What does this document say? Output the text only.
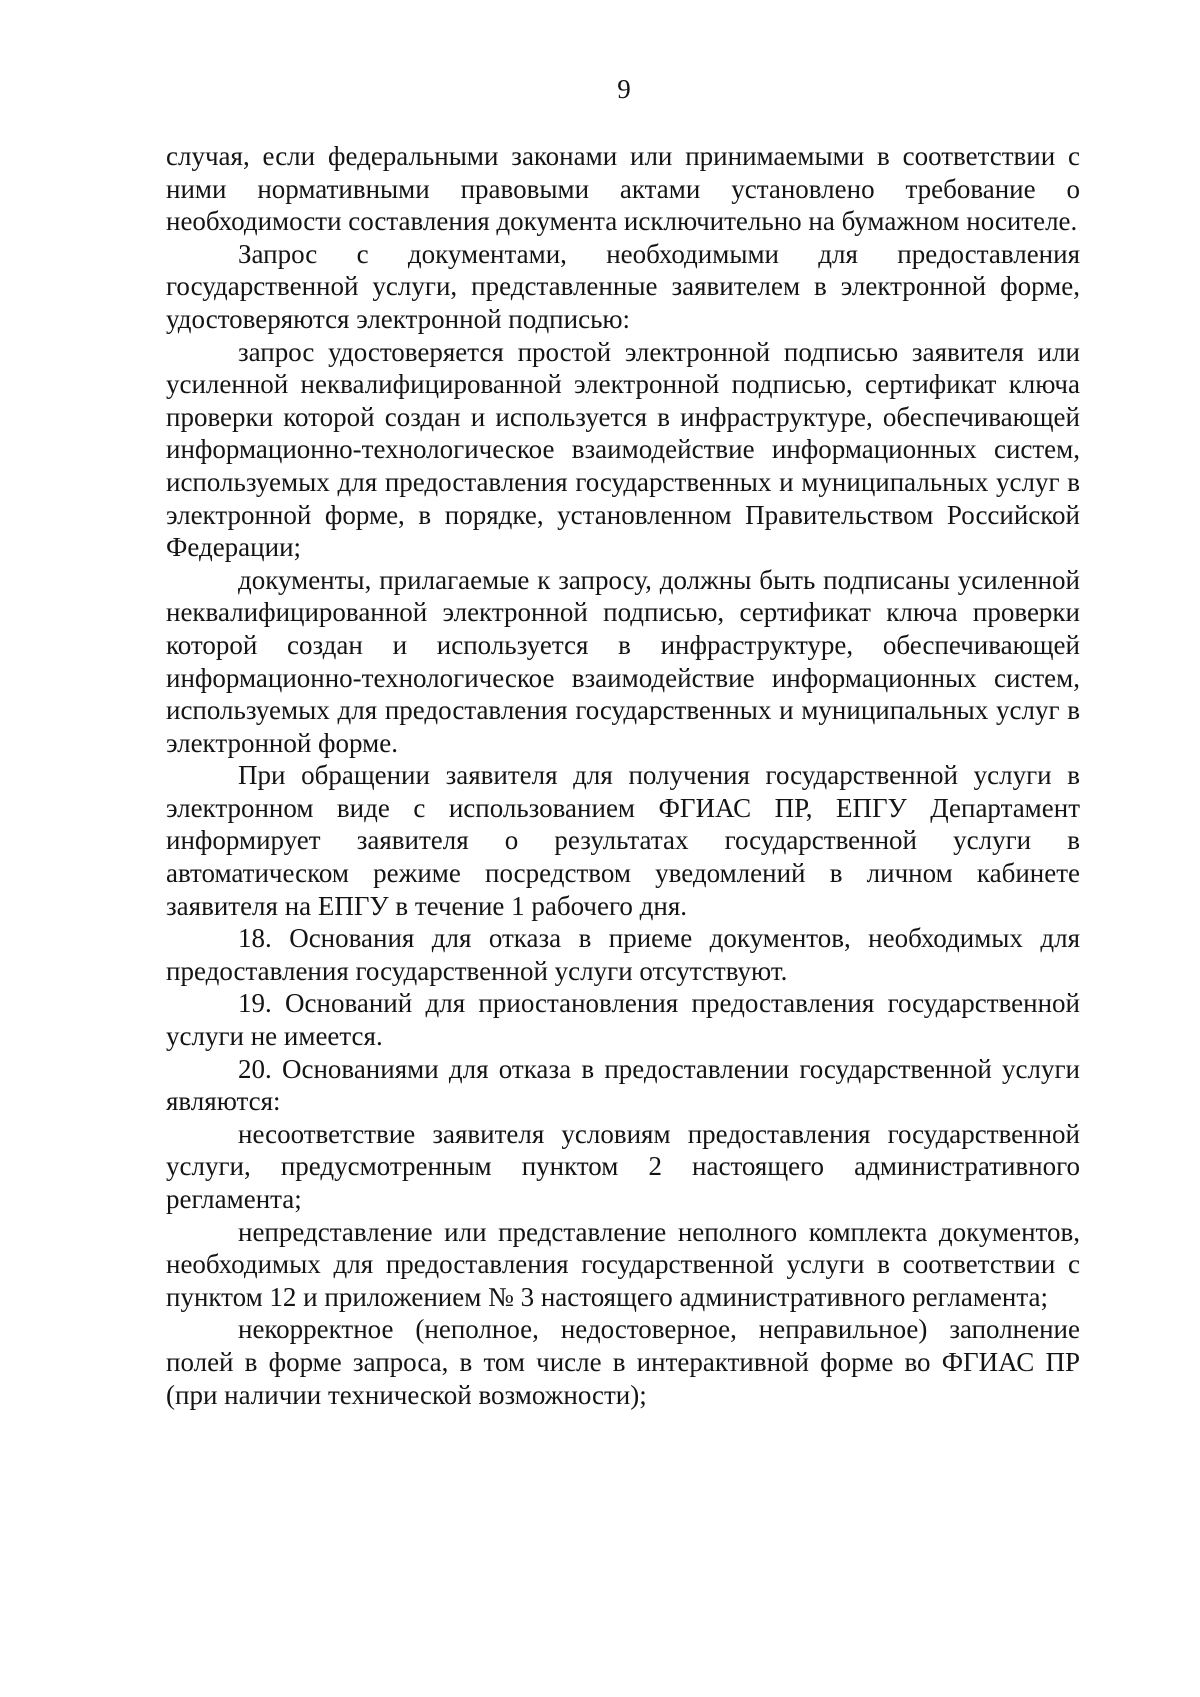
9

случая, если федеральными законами или принимаемыми в соответствии с ними нормативными правовыми актами установлено требование о необходимости составления документа исключительно на бумажном носителе.

Запрос с документами, необходимыми для предоставления государственной услуги, представленные заявителем в электронной форме, удостоверяются электронной подписью:

запрос удостоверяется простой электронной подписью заявителя или усиленной неквалифицированной электронной подписью, сертификат ключа проверки которой создан и используется в инфраструктуре, обеспечивающей информационно-технологическое взаимодействие информационных систем, используемых для предоставления государственных и муниципальных услуг в электронной форме, в порядке, установленном Правительством Российской Федерации;

документы, прилагаемые к запросу, должны быть подписаны усиленной неквалифицированной электронной подписью, сертификат ключа проверки которой создан и используется в инфраструктуре, обеспечивающей информационно-технологическое взаимодействие информационных систем, используемых для предоставления государственных и муниципальных услуг в электронной форме.

При обращении заявителя для получения государственной услуги в электронном виде с использованием ФГИАС ПР, ЕПГУ Департамент информирует заявителя о результатах государственной услуги в автоматическом режиме посредством уведомлений в личном кабинете заявителя на ЕПГУ в течение 1 рабочего дня.

18. Основания для отказа в приеме документов, необходимых для предоставления государственной услуги отсутствуют.

19. Оснований для приостановления предоставления государственной услуги не имеется.

20. Основаниями для отказа в предоставлении государственной услуги являются:

несоответствие заявителя условиям предоставления государственной услуги, предусмотренным пунктом 2 настоящего административного регламента;

непредставление или представление неполного комплекта документов, необходимых для предоставления государственной услуги в соответствии с пунктом 12 и приложением № 3 настоящего административного регламента;

некорректное (неполное, недостоверное, неправильное) заполнение полей в форме запроса, в том числе в интерактивной форме во ФГИАС ПР (при наличии технической возможности);
